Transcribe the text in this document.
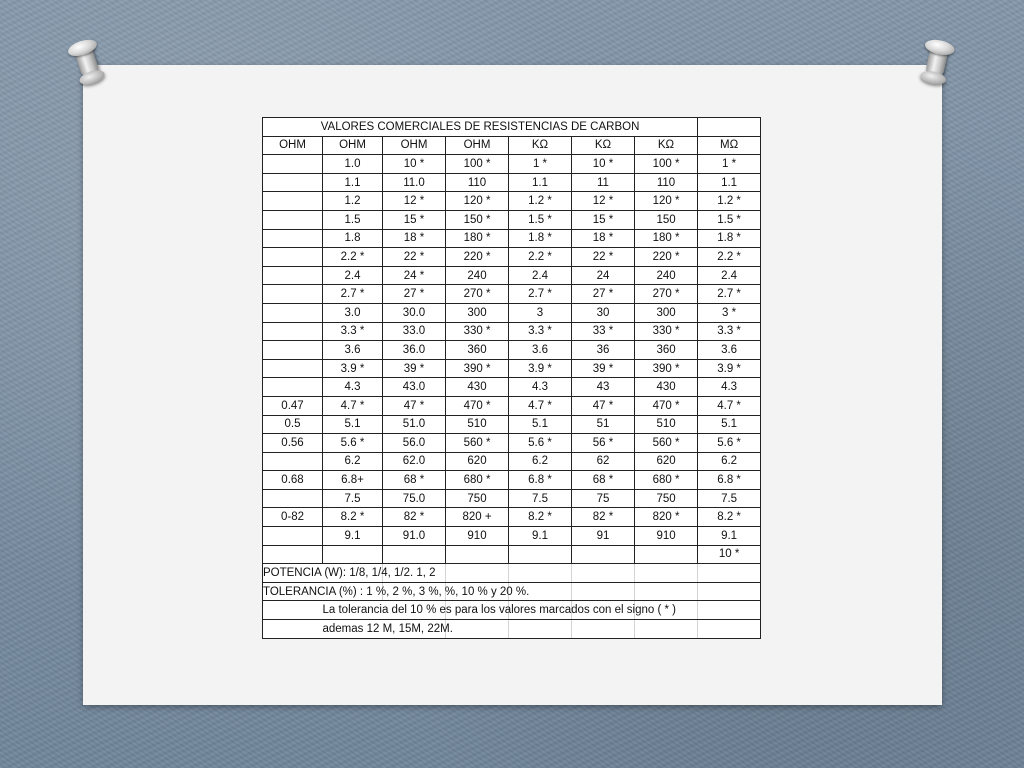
VALORES COMERCIALES DE RESISTENCIAS DE CARBON							
OHM	OHM	OHM	OHM	KΩ	KΩ	KΩ	MΩ
	1.0	10 *	100 *	1 *	10 *	100 *	1 *
	1.1	11.0	110	1.1	11	110	1.1
	1.2	12 *	120 *	1.2 *	12 *	120 *	1.2 *
	1.5	15 *	150 *	1.5 *	15 *	150	1.5 *
	1.8	18 *	180 *	1.8 *	18 *	180 *	1.8 *
	2.2 *	22 *	220 *	2.2 *	22 *	220 *	2.2 *
	2.4	24 *	240	2.4	24	240	2.4
	2.7 *	27 *	270 *	2.7 *	27 *	270 *	2.7 *
	3.0	30.0	300	3	30	300	3 *
	3.3 *	33.0	330 *	3.3 *	33 *	330 *	3.3 *
	3.6	36.0	360	3.6	36	360	3.6
	3.9 *	39 *	390 *	3.9 *	39 *	390 *	3.9 *
	4.3	43.0	430	4.3	43	430	4.3
0.47	4.7 *	47 *	470 *	4.7 *	47 *	470 *	4.7 *
0.5	5.1	51.0	510	5.1	51	510	5.1
0.56	5.6 *	56.0	560 *	5.6 *	56 *	560 *	5.6 *
	6.2	62.0	620	6.2	62	620	6.2
0.68	6.8+	68 *	680 *	6.8 *	68 *	680 *	6.8 *
	7.5	75.0	750	7.5	75	750	7.5
0-82	8.2 *	82 *	820 +	8.2 *	82 *	820 *	8.2 *
	9.1	91.0	910	9.1	91	910	9.1
							10 *

POTENCIA (W): 1/8, 1/4, 1/2. 1, 2							

TOLERANCIA (%) : 1 %, 2 %, 3 %, %, 10 % y 20 %.							

	La tolerancia del 10 % es para los valores marcados con el signo ( * )						

	ademas 12 M, 15M, 22M.						
